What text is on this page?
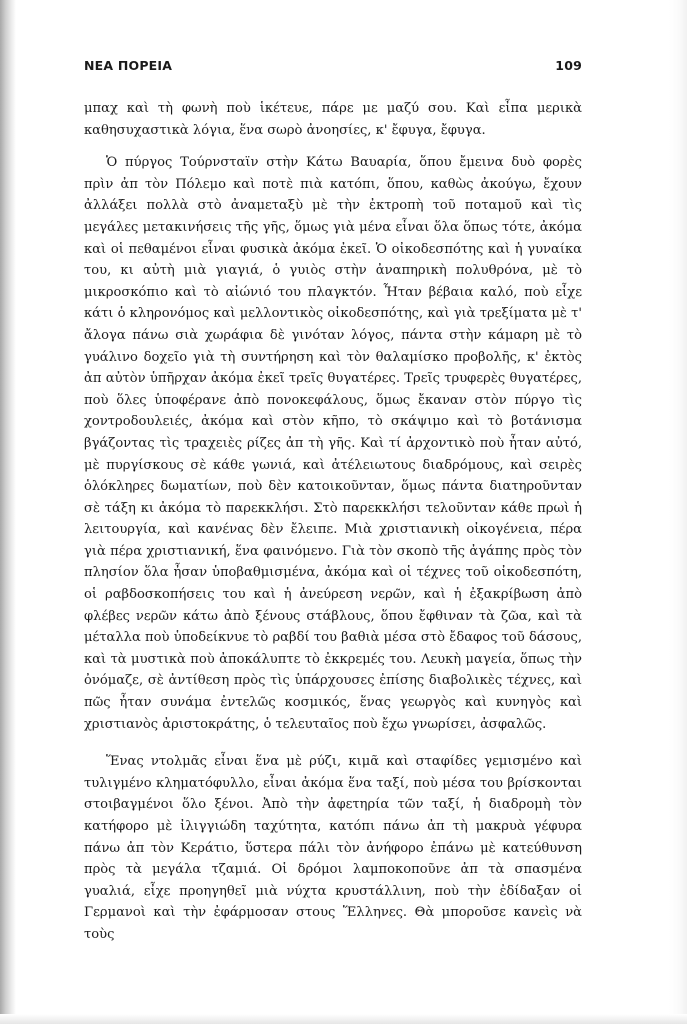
ΝΕΑ ΠΟΡΕΙΑ	109

μπαχ καὶ τὴ φωνὴ ποὺ ἱκέτευε, πάρε με μαζύ σου. Καὶ εἶπα μερικὰ καθησυχαστικὰ λόγια, ἕνα σωρὸ ἀνοησίες, κ' ἔφυγα, ἔφυγα.

Ὁ πύργος Τούρνσταϊν στὴν Κάτω Βαυαρία, ὅπου ἔμεινα δυὸ φορὲς πρὶν ἀπ τὸν Πόλεμο καὶ ποτὲ πιὰ κατόπι, ὅπου, καθὼς ἀκούγω, ἔχουν ἀλλάξει πολλὰ στὸ ἀναμεταξὺ μὲ τὴν ἐκτροπὴ τοῦ ποταμοῦ καὶ τὶς μεγάλες μετακινήσεις τῆς γῆς, ὅμως γιὰ μένα εἶναι ὅλα ὅπως τότε, ἀκόμα καὶ οἱ πεθαμένοι εἶναι φυσικὰ ἀκόμα ἐκεῖ. Ὁ οἰκοδεσπότης καὶ ἡ γυναίκα του, κι αὐτὴ μιὰ γιαγιά, ὁ γυιὸς στὴν ἀναπηρικὴ πολυθρόνα, μὲ τὸ μικροσκόπιο καὶ τὸ αἰώνιό του πλαγκτόν. Ἦταν βέβαια καλό, ποὺ εἶχε κάτι ὁ κληρονόμος καὶ μελλοντικὸς οἰκοδεσπότης, καὶ γιὰ τρεξίματα μὲ τ' ἄλογα πάνω σιὰ χωράφια δὲ γινόταν λόγος, πάντα στὴν κάμαρη μὲ τὸ γυάλινο δοχεῖο γιὰ τὴ συντήρηση καὶ τὸν θαλαμίσκο προβολῆς, κ' ἐκτὸς ἀπ αὐτὸν ὑπῆρχαν ἀκόμα ἐκεῖ τρεῖς θυγατέρες. Τρεῖς τρυφερὲς θυγατέρες, ποὺ ὅλες ὑποφέρανε ἀπὸ πονοκεφάλους, ὅμως ἔκαναν στὸν πύργο τὶς χοντροδουλειές, ἀκόμα καὶ στὸν κῆπο, τὸ σκάψιμο καὶ τὸ βοτάνισμα βγάζοντας τὶς τραχειὲς ρίζες ἀπ τὴ γῆς. Καὶ τί ἀρχοντικὸ ποὺ ἦταν αὐτό, μὲ πυργίσκους σὲ κάθε γωνιά, καὶ ἀτέλειωτους διαδρόμους, καὶ σειρὲς ὁλόκληρες δωματίων, ποὺ δὲν κατοικοῦνταν, ὅμως πάντα διατηροῦνταν σὲ τάξη κι ἀκόμα τὸ παρεκκλήσι. Στὸ παρεκκλήσι τελοῦνταν κάθε πρωὶ ἡ λειτουργία, καὶ κανένας δὲν ἔλειπε. Μιὰ χριστιανικὴ οἰκογένεια, πέρα γιὰ πέρα χριστιανική, ἕνα φαινόμενο. Γιὰ τὸν σκοπὸ τῆς ἀγάπης πρὸς τὸν πλησίον ὅλα ἦσαν ὑποβαθμισμένα, ἀκόμα καὶ οἱ τέχνες τοῦ οἰκοδεσπότη, οἱ ραβδοσκοπήσεις του καὶ ἡ ἀνεύρεση νερῶν, καὶ ἡ ἐξακρίβωση ἀπὸ φλέβες νερῶν κάτω ἀπὸ ξένους στάβλους, ὅπου ἔφθιναν τὰ ζῶα, καὶ τὰ μέταλλα ποὺ ὑποδείκνυε τὸ ραβδί του βαθιὰ μέσα στὸ ἔδαφος τοῦ δάσους, καὶ τὰ μυστικὰ ποὺ ἀποκάλυπτε τὸ ἐκκρεμές του. Λευκὴ μαγεία, ὅπως τὴν ὀνόμαζε, σὲ ἀντίθεση πρὸς τὶς ὑπάρχουσες ἐπίσης διαβολικὲς τέχνες, καὶ πῶς ἦταν συνάμα ἐντελῶς κοσμικός, ἕνας γεωργὸς καὶ κυνηγὸς καὶ χριστιανὸς ἀριστοκράτης, ὁ τελευταῖος ποὺ ἔχω γνωρίσει, ἀσφαλῶς.

Ἕνας ντολμᾶς εἶναι ἕνα μὲ ρύζι, κιμᾶ καὶ σταφίδες γεμισμένο καὶ τυλιγμένο κληματόφυλλο, εἶναι ἀκόμα ἕνα ταξί, ποὺ μέσα του βρίσκονται στοιβαγμένοι ὅλο ξένοι. Ἀπὸ τὴν ἀφετηρία τῶν ταξί, ἡ διαδρομὴ τὸν κατήφορο μὲ ἰλιγγιώδη ταχύτητα, κατόπι πάνω ἀπ τὴ μακρυὰ γέφυρα πάνω ἀπ τὸν Κεράτιο, ὕστερα πάλι τὸν ἀνήφορο ἐπάνω μὲ κατεύθυνση πρὸς τὰ μεγάλα τζαμιά. Οἱ δρόμοι λαμποκοποῦνε ἀπ τὰ σπασμένα γυαλιά, εἶχε προηγηθεῖ μιὰ νύχτα κρυστάλλινη, ποὺ τὴν ἐδίδαξαν οἱ Γερμανοὶ καὶ τὴν ἐφάρμοσαν στους Ἕλληνες. Θὰ μποροῦσε κανεὶς νὰ τοὺς
